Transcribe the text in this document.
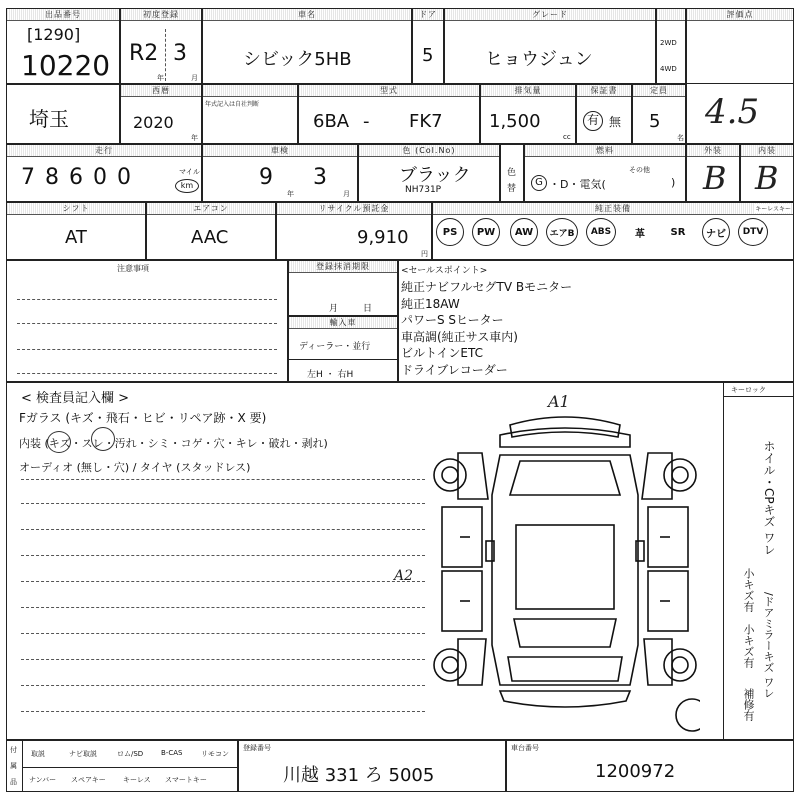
出品番号
[1290]
10220
初度登録
R2 3
年	月
車名
シビック5HB
ドア
5
グレード
ヒョウジュン
2WD
4WD
評価点
埼玉
西暦
2020
年
年式記入は自社判断
型式
6BA - FK7
排気量
1,500
cc
保証書
有 無
定員
5
名
4.5
走行
7 8 6 0 0	マイル
km
車検
9
年
3
月
色 (Col.No)
ブラック
NH731P
色
替
燃料
G ・D・電気(
その他
)
外装
B
内装
B
シフト
AT
エアコン
AAC
リサイクル預託金
9,910
円
純正装備	キーレスキー
PS	PW	AW	エアB	ABS	革	SR	ナビ	DTV
注意事項	登録抹消期限
月	日
輸入車
ディーラー・並行
左H ・ 右H
<セールスポイント>
純正ナビフルセグTV Bモニター
純正18AW
パワーS Sヒーター
車高調(純正サス車内)
ビルトインETC
ドライブレコーダー
< 検査員記入欄 >
Fガラス (キズ・飛石・ヒビ・リペア跡・X 要)
内装 (キズ・スレ・汚れ・シミ・コゲ・穴・キレ・破れ・剥れ)
オーディオ (無し・穴) / タイヤ (スタッドレス)
キーロック
A1
A2
ホイル・CPキズ ワレ
小キズ有
/ドアミラーキズ ワレ
小キズ有
補修有
付
属
品
取説	ナビ取説	ロム/SD	B-CAS	リモコン
ナンバー スペアキー キーレス スマートキー
登録番号
川越 331 ろ 5005
車台番号
1200972
